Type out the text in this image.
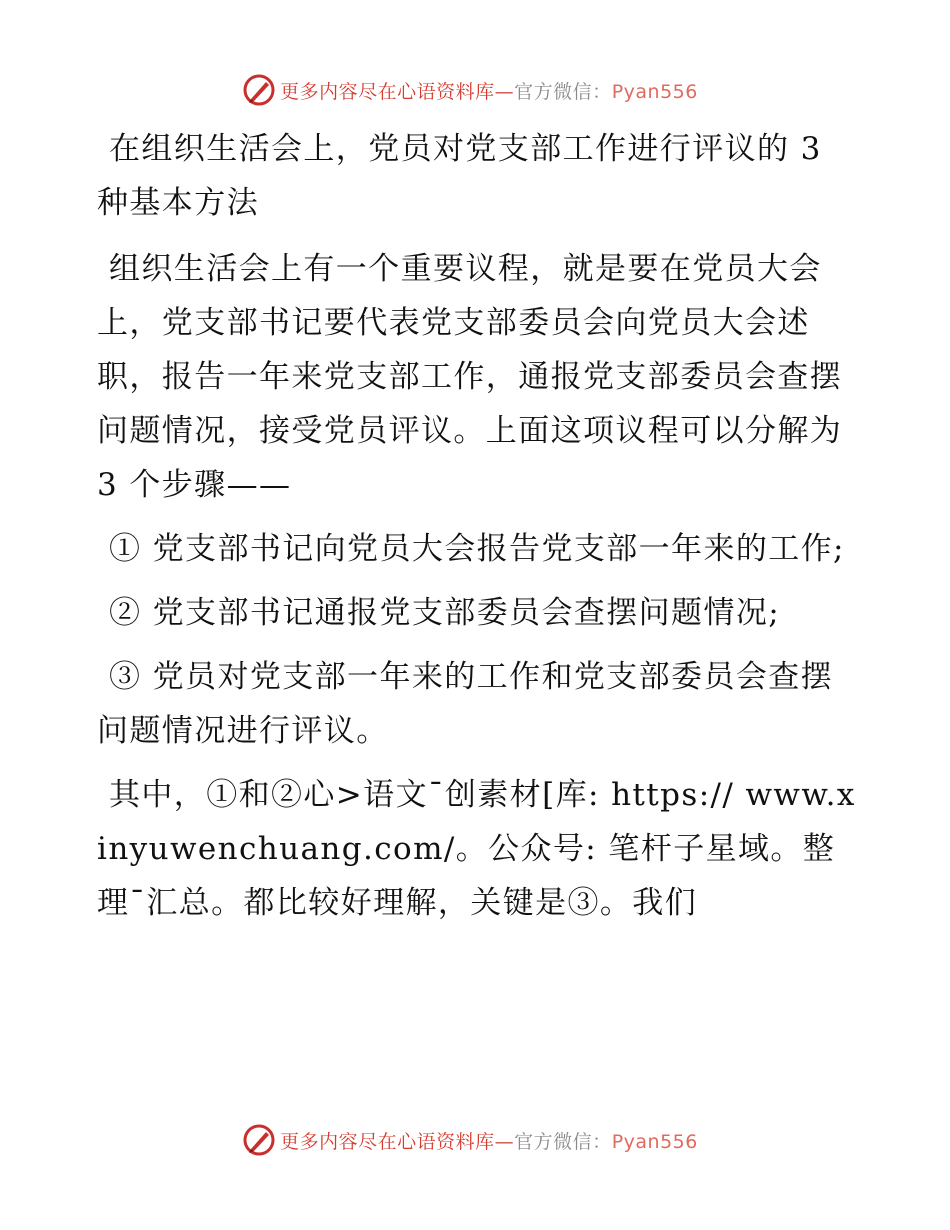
更多内容尽在心语资料库—官方微信：Pyan556

在组织生活会上，党员对党支部工作进行评议的 3 种基本方法

组织生活会上有一个重要议程，就是要在党员大会上，党支部书记要代表党支部委员会向党员大会述职，报告一年来党支部工作，通报党支部委员会查摆问题情况，接受党员评议。上面这项议程可以分解为 3 个步骤——

① 党支部书记向党员大会报告党支部一年来的工作;

② 党支部书记通报党支部委员会查摆问题情况;

③ 党员对党支部一年来的工作和党支部委员会查摆问题情况进行评议。

其中，①和②心>语文¯创素材[库: https:// www.xinyuwenchuang.com/。公众号: 笔杆子星域。整理¯汇总。都比较好理解，关键是③。我们

更多内容尽在心语资料库—官方微信：Pyan556
